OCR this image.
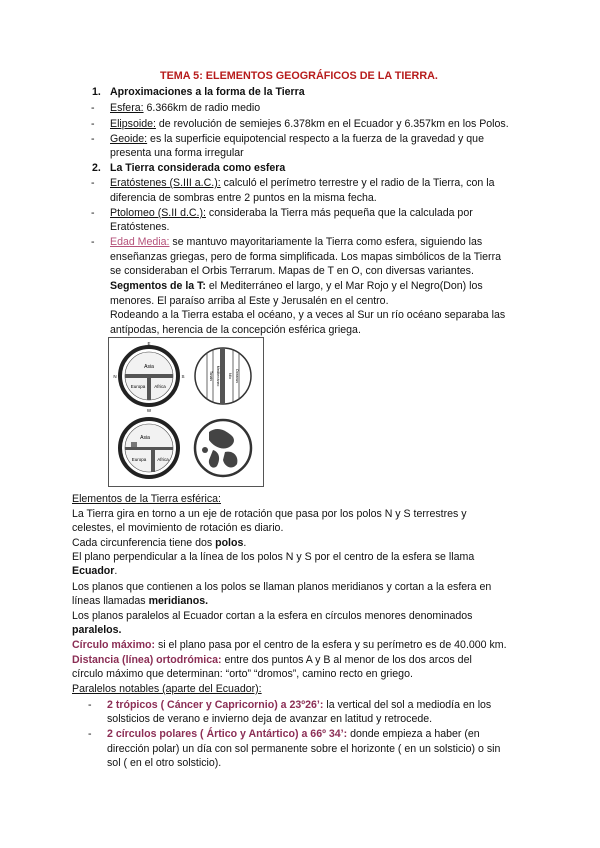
TEMA 5: ELEMENTOS GEOGRÁFICOS DE LA TIERRA.
1. Aproximaciones a la forma de la Tierra
- Esfera: 6.366km de radio medio
- Elipsoide: de revolución de semiejes 6.378km en el Ecuador y 6.357km en los Polos.
- Geoide: es la superficie equipotencial respecto a la fuerza de la gravedad y que
presenta una forma irregular
2. La Tierra considerada como esfera
- Eratóstenes (S.III a.C.): calculó el perímetro terrestre y el radio de la Tierra, con la
diferencia de sombras entre 2 puntos en la misma fecha.
- Ptolomeo (S.II d.C.): consideraba la Tierra más pequeña que la calculada por
Eratóstenes.
- Edad Media: se mantuvo mayoritariamente la Tierra como esfera, siguiendo las
enseñanzas griegas, pero de forma simplificada. Los mapas simbólicos de la Tierra
se consideraban el Orbis Terrarum. Mapas de T en O, con diversas variantes.
Segmentos de la T: el Mediterráneo el largo, y el Mar Rojo y el Negro(Don) los
menores. El paraíso arriba al Este y Jerusalén en el centro.
Rodeando a la Tierra estaba el océano, y a veces al Sur un río océano separaba las
antípodas, herencia de la concepción esférica griega.
Asia
Europa Africa
E
W
N	S	Tanais Mediterráneo Nilo Oceanus
Asia
Europa Africa
Elementos de la Tierra esférica:
La Tierra gira en torno a un eje de rotación que pasa por los polos N y S terrestres y
celestes, el movimiento de rotación es diario.
Cada circunferencia tiene dos polos.
El plano perpendicular a la línea de los polos N y S por el centro de la esfera se llama
Ecuador.
Los planos que contienen a los polos se llaman planos meridianos y cortan a la esfera en
líneas llamadas meridianos.
Los planos paralelos al Ecuador cortan a la esfera en círculos menores denominados
paralelos.
Círculo máximo: si el plano pasa por el centro de la esfera y su perímetro es de 40.000 km.
Distancia (línea) ortodrómica: entre dos puntos A y B al menor de los dos arcos del
círculo máximo que determinan: “orto” “dromos”, camino recto en griego.
Paralelos notables (aparte del Ecuador):
- 2 trópicos ( Cáncer y Capricornio) a 23º26’: la vertical del sol a mediodía en los
solsticios de verano e invierno deja de avanzar en latitud y retrocede.
- 2 círculos polares ( Ártico y Antártico) a 66º 34’: donde empieza a haber (en
dirección polar) un día con sol permanente sobre el horizonte ( en un solsticio) o sin
sol ( en el otro solsticio).
